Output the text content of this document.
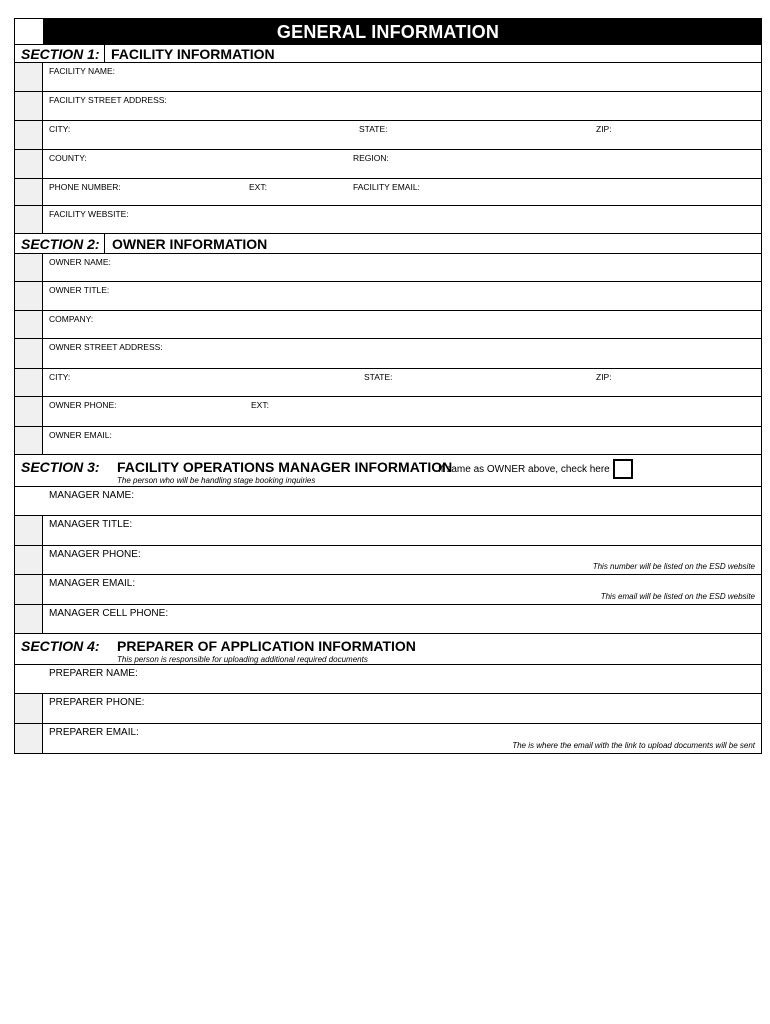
GENERAL INFORMATION
SECTION 1: FACILITY INFORMATION
FACILITY NAME:
FACILITY STREET ADDRESS:
CITY:	STATE:	ZIP:
COUNTY:	REGION:
PHONE NUMBER:	EXT:	FACILITY EMAIL:
FACILITY WEBSITE:
SECTION 2: OWNER INFORMATION
OWNER NAME:
OWNER TITLE:
COMPANY:
OWNER STREET ADDRESS:
CITY:	STATE:	ZIP:
OWNER PHONE:	EXT:
OWNER EMAIL:
SECTION 3: FACILITY OPERATIONS MANAGER INFORMATION
The person who will be handling stage booking inquiries
If same as OWNER above, check here
MANAGER NAME:
MANAGER TITLE:
MANAGER PHONE:
This number will be listed on the ESD website
MANAGER EMAIL:
This email will be listed on the ESD website
MANAGER CELL PHONE:
SECTION 4: PREPARER OF APPLICATION INFORMATION
This person is responsible for uploading additional required documents
PREPARER NAME:
PREPARER PHONE:
PREPARER EMAIL:
The is where the email with the link to upload documents will be sent
